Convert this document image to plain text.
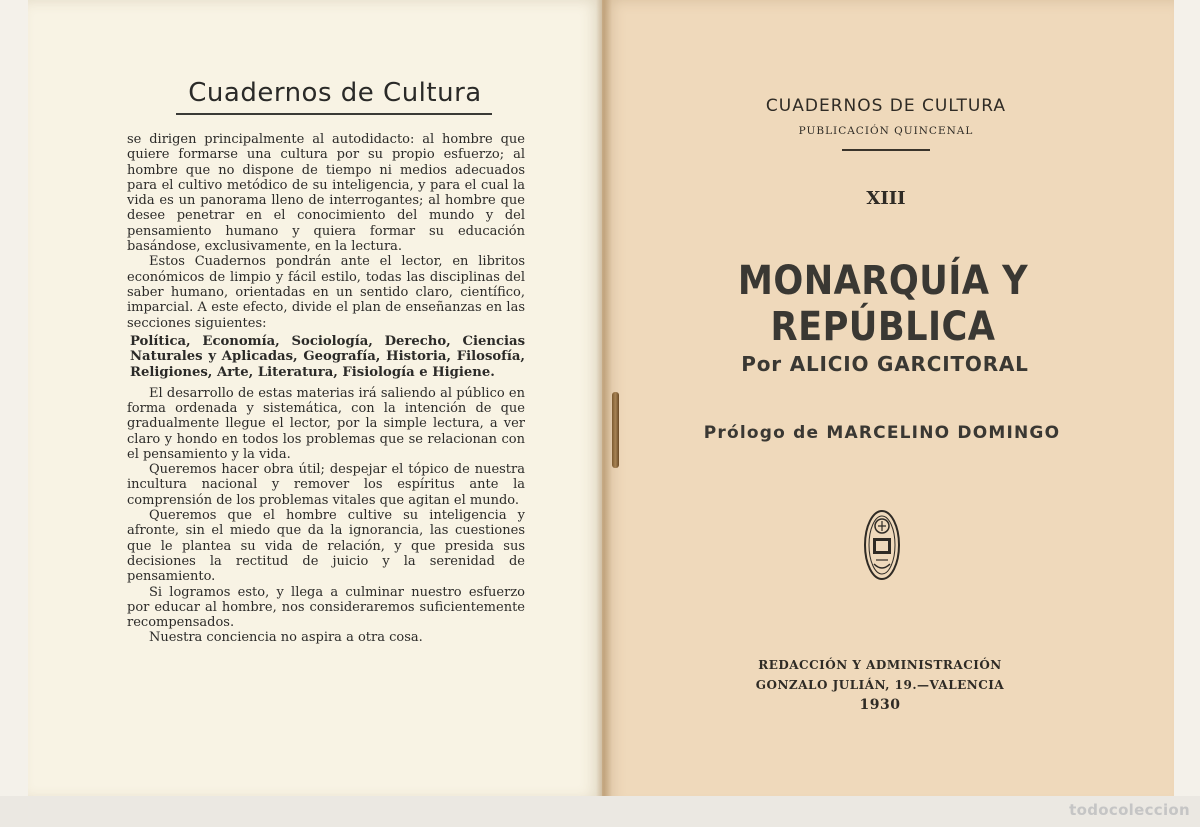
Cuadernos de Cultura

se dirigen principalmente al autodidacto: al hombre que quiere formarse una cultura por su propio esfuerzo; al hombre que no dispone de tiempo ni medios adecuados para el cultivo metódico de su inteligencia, y para el cual la vida es un panorama lleno de interrogantes; al hombre que desee penetrar en el conocimiento del mundo y del pensamiento humano y quiera formar su educación basándose, exclusivamente, en la lectura.

Estos Cuadernos pondrán ante el lector, en libritos económicos de limpio y fácil estilo, todas las disciplinas del saber humano, orientadas en un sentido claro, científico, imparcial. A este efecto, divide el plan de enseñanzas en las secciones siguientes:

Política, Economía, Sociología, Derecho, Ciencias Naturales y Aplicadas, Geografía, Historia, Filosofía, Religiones, Arte, Literatura, Fisiología e Higiene.

El desarrollo de estas materias irá saliendo al público en forma ordenada y sistemática, con la intención de que gradualmente llegue el lector, por la simple lectura, a ver claro y hondo en todos los problemas que se relacionan con el pensamiento y la vida.

Queremos hacer obra útil; despejar el tópico de nuestra incultura nacional y remover los espíritus ante la comprensión de los problemas vitales que agitan el mundo.

Queremos que el hombre cultive su inteligencia y afronte, sin el miedo que da la ignorancia, las cuestiones que le plantea su vida de relación, y que presida sus decisiones la rectitud de juicio y la serenidad de pensamiento.

Si logramos esto, y llega a culminar nuestro esfuerzo por educar al hombre, nos consideraremos suficientemente recompensados.

Nuestra conciencia no aspira a otra cosa.

CUADERNOS DE CULTURA
PUBLICACIÓN QUINCENAL
XIII
MONARQUÍA Y REPÚBLICA
Por ALICIO GARCITORAL
Prólogo de MARCELINO DOMINGO
REDACCIÓN Y ADMINISTRACIÓN
GONZALO JULIÁN, 19.—VALENCIA
1930
todocoleccion
